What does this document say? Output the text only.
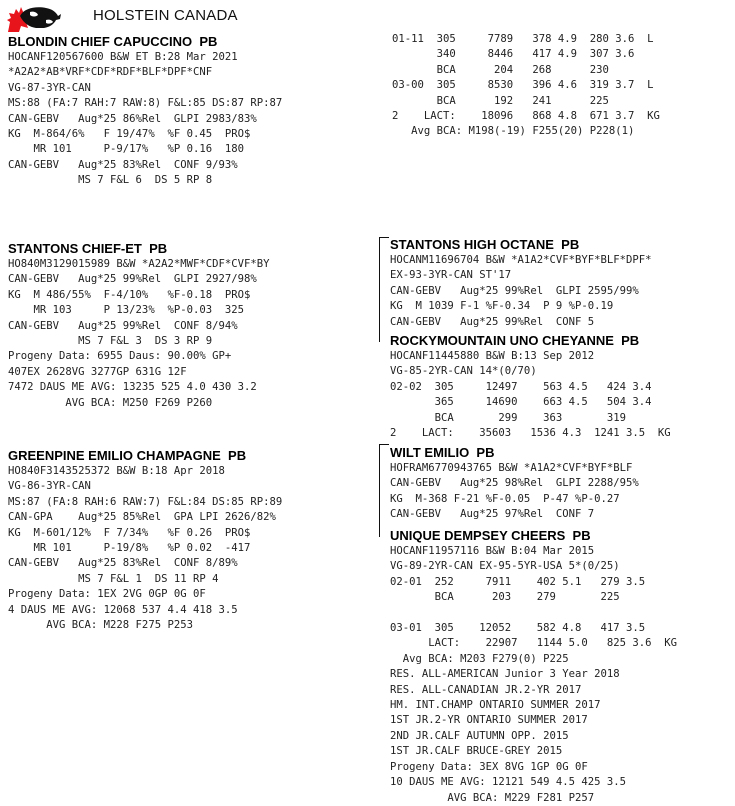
HOLSTEIN CANADA
BLONDIN CHIEF CAPUCCINO  PB
HOCANF120567600 B&W ET B:28 Mar 2021
*A2A2*AB*VRF*CDF*RDF*BLF*DPF*CNF
VG-87-3YR-CAN
MS:88 (FA:7 RAH:7 RAW:8) F&L:85 DS:87 RP:87
CAN-GEBV   Aug*25 86%Rel  GLPI 2983/83%
KG  M-864/6%   F 19/47%  %F 0.45  PRO$
MR 101     P-9/17%   %P 0.16  180
CAN-GEBV   Aug*25 83%Rel  CONF 9/93%
MS 7 F&L 6  DS 5 RP 8
01-11  305     7789   378 4.9  280 3.6  L
340     8446   417 4.9  307 3.6
BCA      204   268      230
03-00  305     8530   396 4.6  319 3.7  L
BCA      192   241      225
2    LACT:    18096   868 4.8  671 3.7  KG
Avg BCA: M198(-19) F255(20) P228(1)
STANTONS CHIEF-ET  PB
HO840M3129015989 B&W *A2A2*MWF*CDF*CVF*BY
CAN-GEBV   Aug*25 99%Rel  GLPI 2927/98%
KG  M 486/55%  F-4/10%   %F-0.18  PRO$
MR 103     P 13/23%  %P-0.03  325
CAN-GEBV   Aug*25 99%Rel  CONF 8/94%
MS 7 F&L 3  DS 3 RP 9
Progeny Data: 6955 Daus: 90.00% GP+
407EX 2628VG 3277GP 631G 12F
7472 DAUS ME AVG: 13235 525 4.0 430 3.2
AVG BCA: M250 F269 P260
GREENPINE EMILIO CHAMPAGNE  PB
HO840F3143525372 B&W B:18 Apr 2018
VG-86-3YR-CAN
MS:87 (FA:8 RAH:6 RAW:7) F&L:84 DS:85 RP:89
CAN-GPA    Aug*25 85%Rel  GPA LPI 2626/82%
KG  M-601/12%  F 7/34%   %F 0.26  PRO$
MR 101     P-19/8%   %P 0.02  -417
CAN-GEBV   Aug*25 83%Rel  CONF 8/89%
MS 7 F&L 1  DS 11 RP 4
Progeny Data: 1EX 2VG 0GP 0G 0F
4 DAUS ME AVG: 12068 537 4.4 418 3.5
AVG BCA: M228 F275 P253
STANTONS HIGH OCTANE  PB
HOCANM11696704 B&W *A1A2*CVF*BYF*BLF*DPF*
EX-93-3YR-CAN ST'17
CAN-GEBV   Aug*25 99%Rel  GLPI 2595/99%
KG  M 1039 F-1 %F-0.34  P 9 %P-0.19
CAN-GEBV   Aug*25 99%Rel  CONF 5
ROCKYMOUNTAIN UNO CHEYANNE  PB
HOCANF11445880 B&W B:13 Sep 2012
VG-85-2YR-CAN 14*(0/70)
02-02  305     12497    563 4.5   424 3.4
365     14690    663 4.5   504 3.4
BCA       299    363       319
2    LACT:    35603   1536 4.3  1241 3.5  KG
WILT EMILIO  PB
HOFRAM6770943765 B&W *A1A2*CVF*BYF*BLF
CAN-GEBV   Aug*25 98%Rel  GLPI 2288/95%
KG  M-368 F-21 %F-0.05  P-47 %P-0.27
CAN-GEBV   Aug*25 97%Rel  CONF 7
UNIQUE DEMPSEY CHEERS  PB
HOCANF11957116 B&W B:04 Mar 2015
VG-89-2YR-CAN EX-95-5YR-USA 5*(0/25)
02-01  252     7911    402 5.1   279 3.5
BCA      203    279       225

03-01  305    12052    582 4.8   417 3.5
LACT:    22907   1144 5.0   825 3.6  KG
Avg BCA: M203 F279(0) P225
RES. ALL-AMERICAN Junior 3 Year 2018
RES. ALL-CANADIAN JR.2-YR 2017
HM. INT.CHAMP ONTARIO SUMMER 2017
1ST JR.2-YR ONTARIO SUMMER 2017
2ND JR.CALF AUTUMN OPP. 2015
1ST JR.CALF BRUCE-GREY 2015
Progeny Data: 3EX 8VG 1GP 0G 0F
10 DAUS ME AVG: 12121 549 4.5 425 3.5
AVG BCA: M229 F281 P257
